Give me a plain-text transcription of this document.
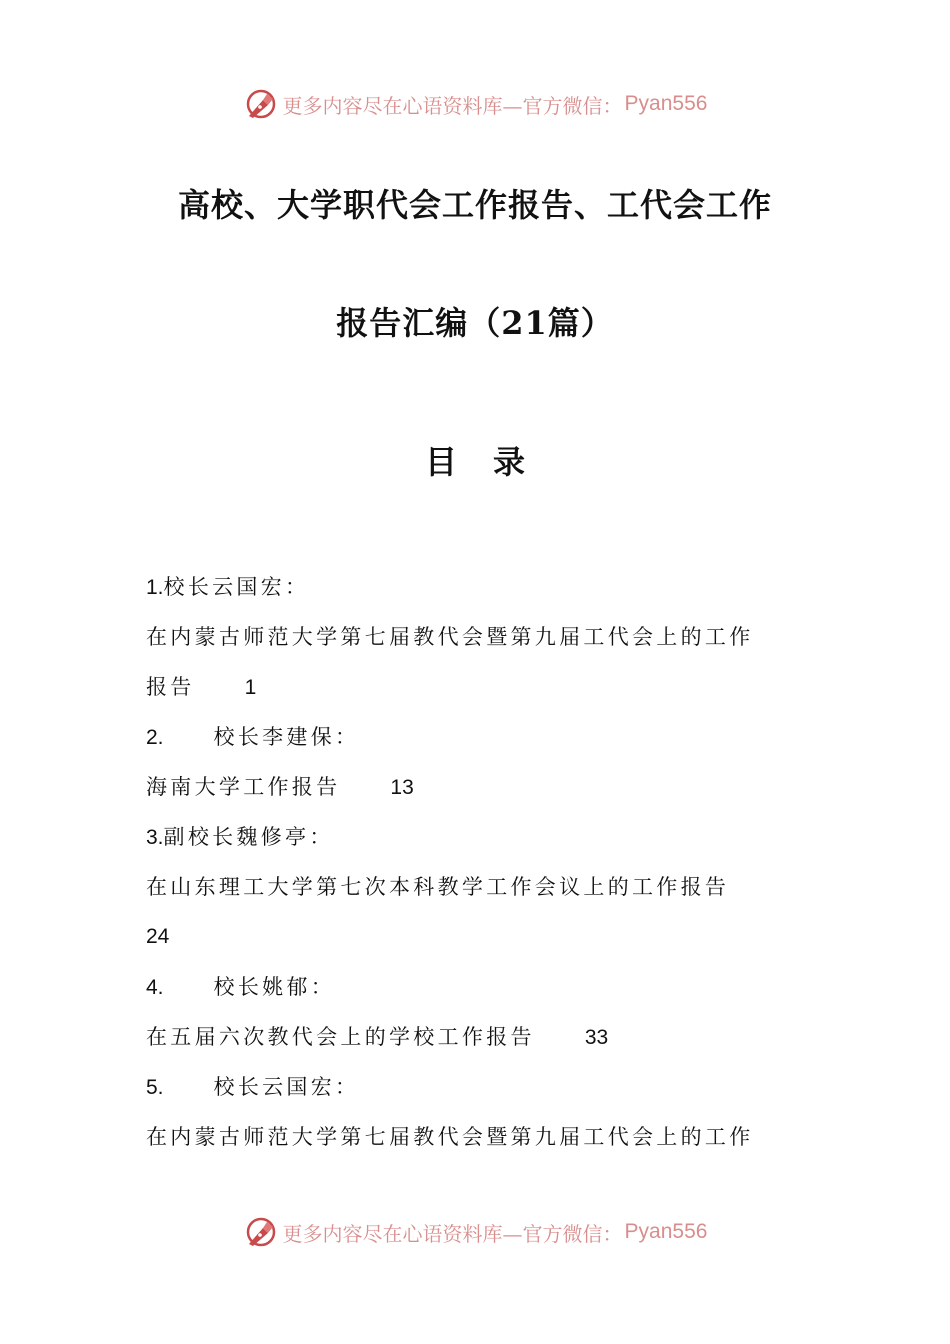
更多内容尽在心语资料库—官方微信： Pyan556
高校、大学职代会工作报告、工代会工作
报告汇编（21篇）
目录
1.校长云国宏：
在内蒙古师范大学第七届教代会暨第九届工代会上的工作
报告 1
2. 校长李建保：
海南大学工作报告 13
3.副校长魏修亭：
在山东理工大学第七次本科教学工作会议上的工作报告
24
4. 校长姚郁：
在五届六次教代会上的学校工作报告 33
5. 校长云国宏：
在内蒙古师范大学第七届教代会暨第九届工代会上的工作
更多内容尽在心语资料库—官方微信： Pyan556
